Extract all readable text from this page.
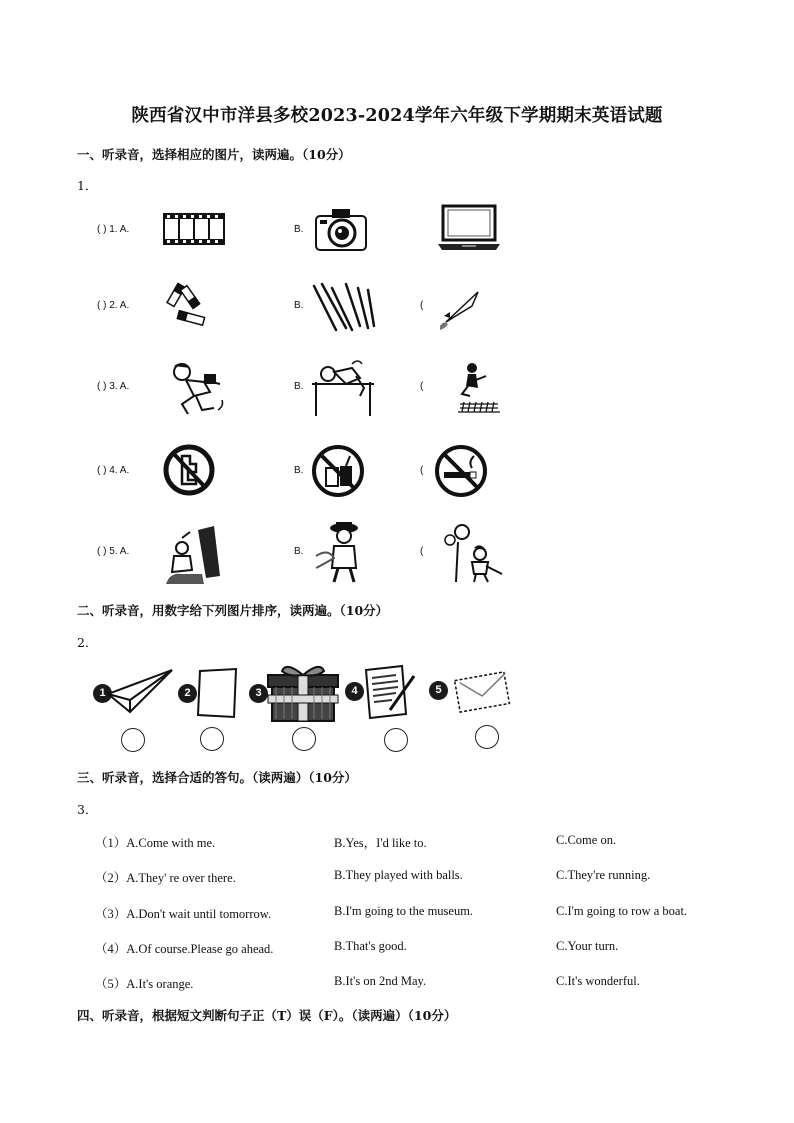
陕西省汉中市洋县多校2023-2024学年六年级下学期期末英语试题
一、听录音，选择相应的图片，读两遍。（10分）
1．
( ) 1. A.	B.
( ) 2. A.	B.	(
( ) 3. A.	B.	(
( ) 4. A.	B.	(
( ) 5. A.	B.	(
二、听录音，用数字给下列图片排序，读两遍。（10分）
2．
1	2	3	4	5
三、听录音，选择合适的答句。（读两遍）（10分）
3．
（1）A.Come with me.	B.Yes，I'd like to.	C.Come on.
（2）A.They' re over there.	B.They played with balls.	C.They're running.
（3）A.Don't wait until tomorrow.	B.I'm going to the museum.	C.I'm going to row a boat.
（4）A.Of course.Please go ahead.	B.That's good.	C.Your turn.
（5）A.It's orange.	B.It's on 2nd May.	C.It's wonderful.
四、听录音，根据短文判断句子正（T）误（F）。（读两遍）（10分）
